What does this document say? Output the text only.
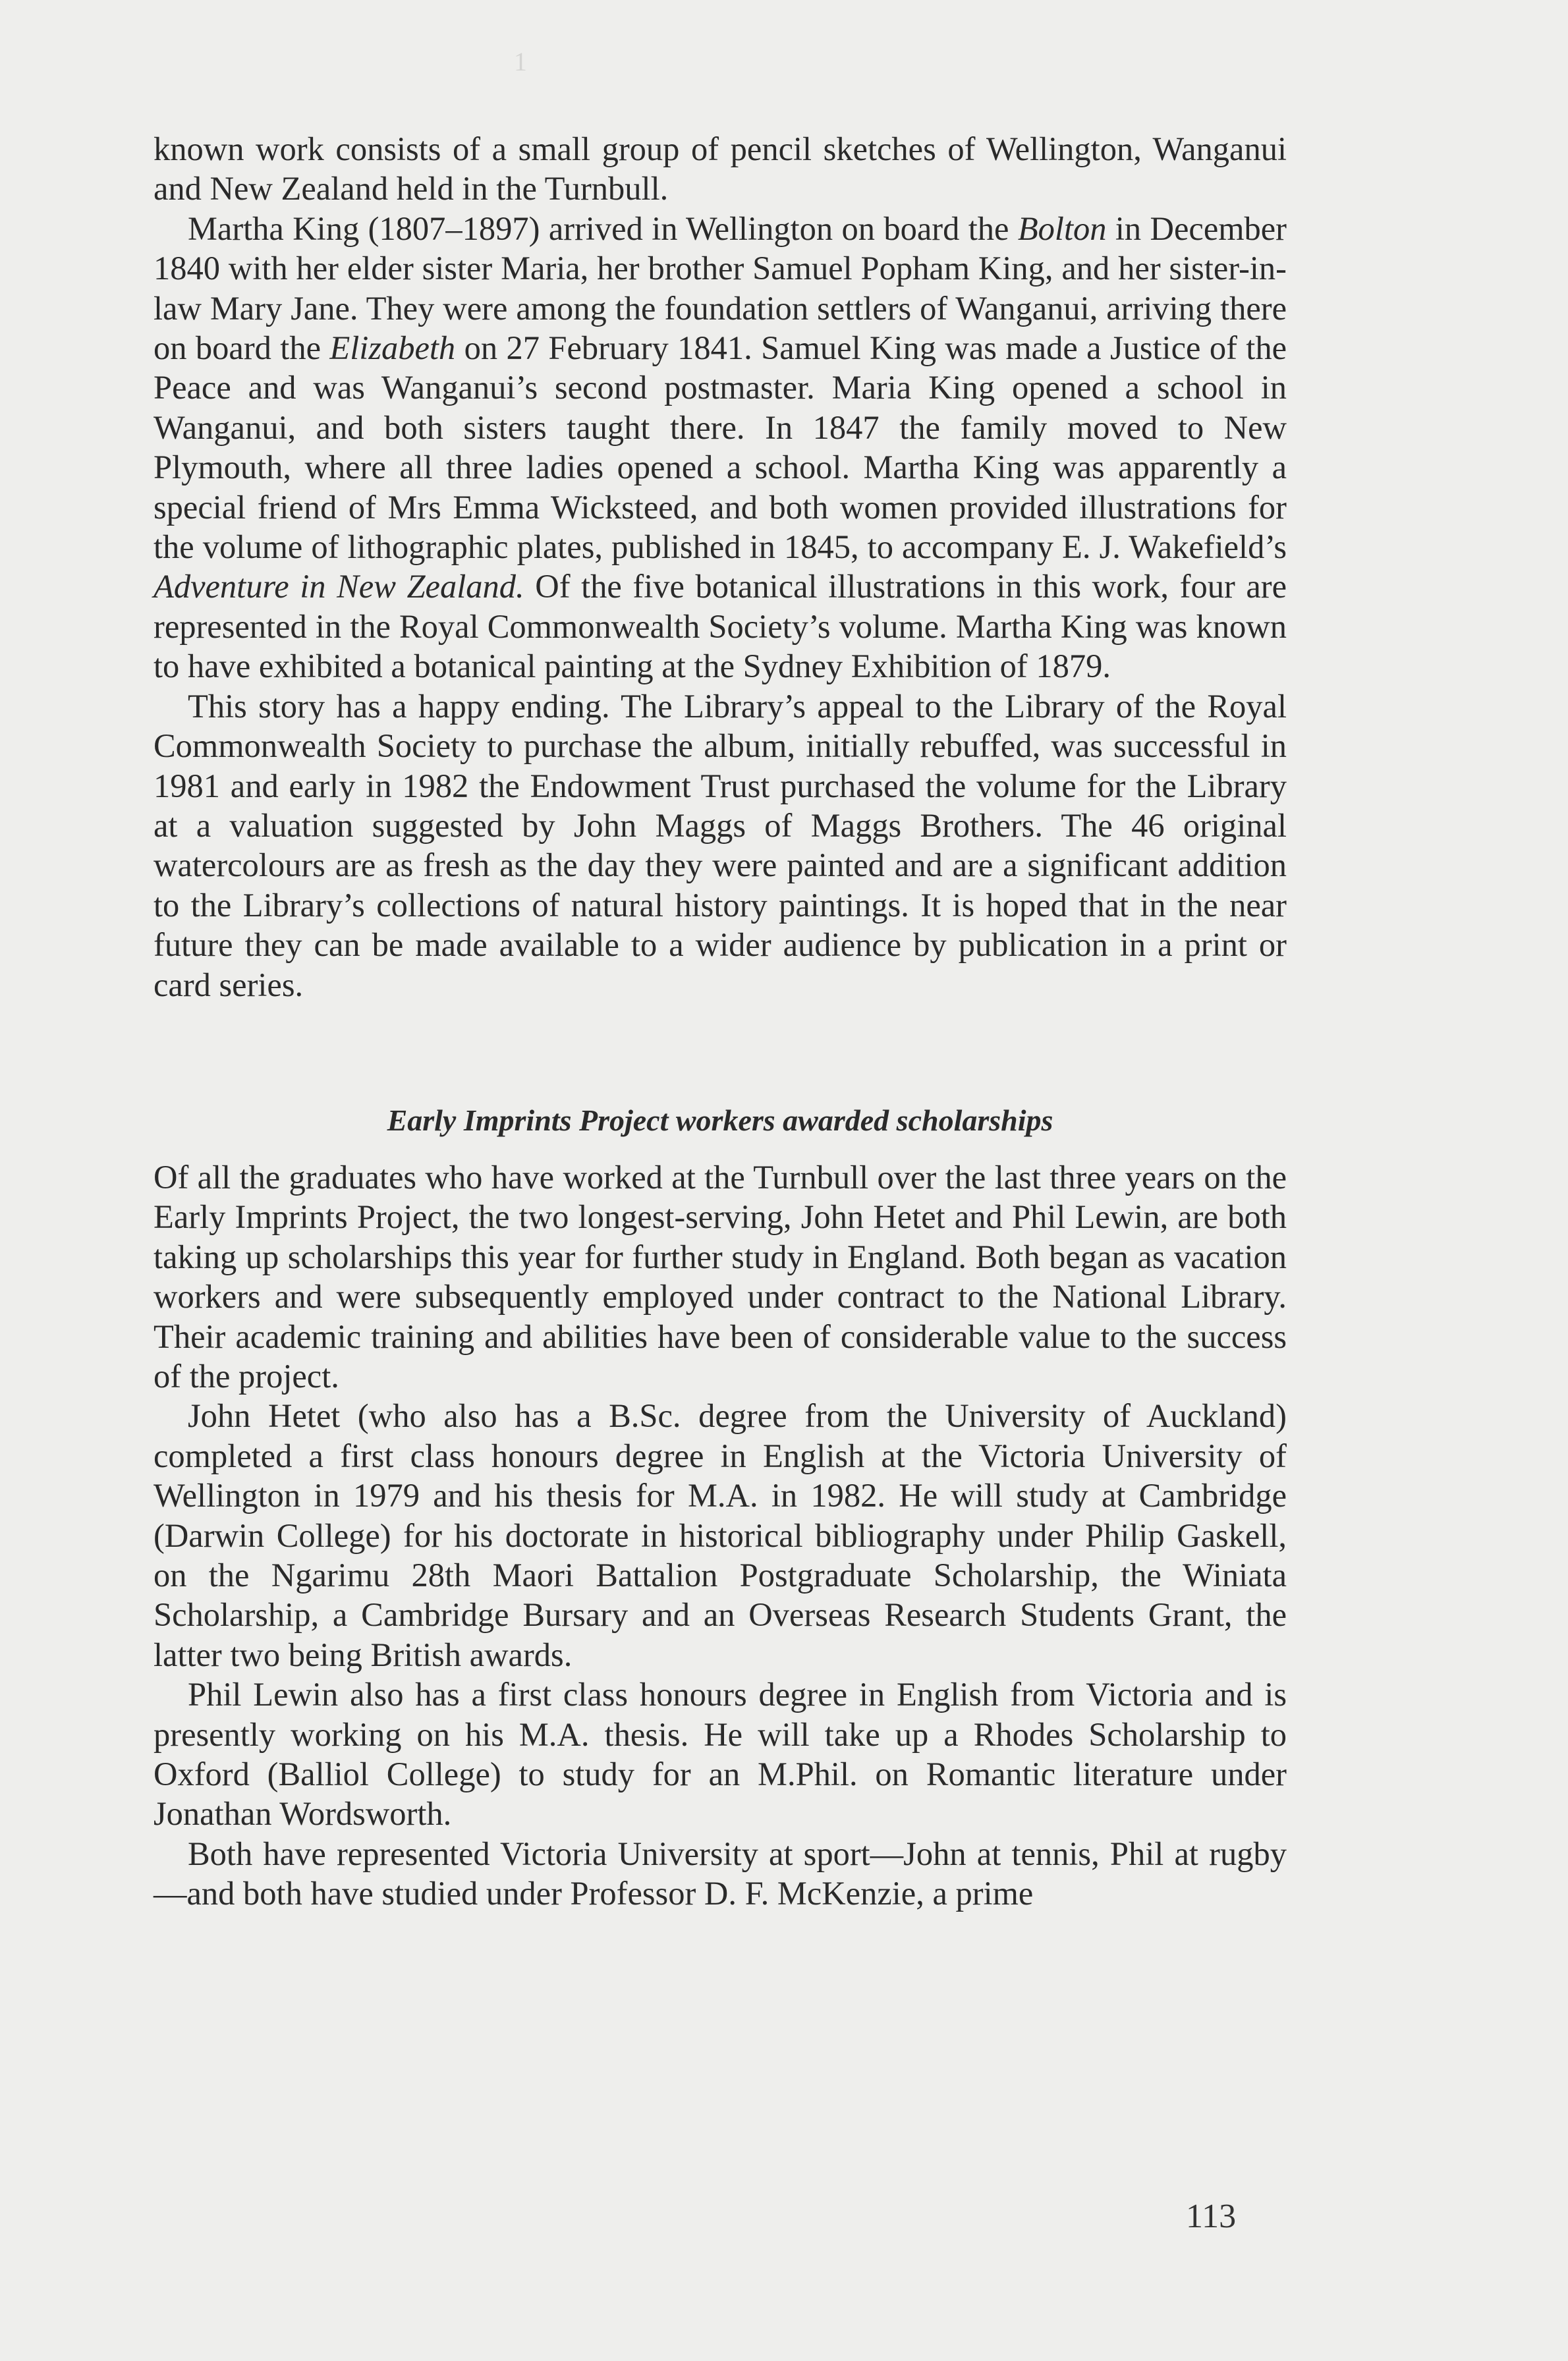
1

known work consists of a small group of pencil sketches of Wellington, Wanganui and New Zealand held in the Turnbull.

Martha King (1807–1897) arrived in Wellington on board the Bolton in December 1840 with her elder sister Maria, her brother Samuel Popham King, and her sister-in-law Mary Jane. They were among the foundation settlers of Wanganui, arriving there on board the Elizabeth on 27 February 1841. Samuel King was made a Justice of the Peace and was Wanganui’s second postmaster. Maria King opened a school in Wanganui, and both sisters taught there. In 1847 the family moved to New Plymouth, where all three ladies opened a school. Martha King was apparently a special friend of Mrs Emma Wicksteed, and both women provided illustrations for the volume of lithographic plates, published in 1845, to accompany E. J. Wakefield’s Adventure in New Zealand. Of the five botanical illustrations in this work, four are represented in the Royal Commonwealth Society’s volume. Martha King was known to have exhibited a botanical painting at the Sydney Exhibition of 1879.

This story has a happy ending. The Library’s appeal to the Library of the Royal Commonwealth Society to purchase the album, initially rebuffed, was successful in 1981 and early in 1982 the Endowment Trust purchased the volume for the Library at a valuation suggested by John Maggs of Maggs Brothers. The 46 original watercolours are as fresh as the day they were painted and are a significant addition to the Library’s collections of natural history paintings. It is hoped that in the near future they can be made available to a wider audience by publication in a print or card series.

Early Imprints Project workers awarded scholarships

Of all the graduates who have worked at the Turnbull over the last three years on the Early Imprints Project, the two longest-serving, John Hetet and Phil Lewin, are both taking up scholarships this year for further study in England. Both began as vacation workers and were subsequently employed under contract to the National Library. Their academic training and abilities have been of considerable value to the success of the project.

John Hetet (who also has a B.Sc. degree from the University of Auckland) completed a first class honours degree in English at the Victoria University of Wellington in 1979 and his thesis for M.A. in 1982. He will study at Cambridge (Darwin College) for his doctorate in historical bibliography under Philip Gaskell, on the Ngarimu 28th Maori Battalion Postgraduate Scholarship, the Winiata Scholarship, a Cambridge Bursary and an Overseas Research Students Grant, the latter two being British awards.

Phil Lewin also has a first class honours degree in English from Victoria and is presently working on his M.A. thesis. He will take up a Rhodes Scholarship to Oxford (Balliol College) to study for an M.Phil. on Romantic literature under Jonathan Wordsworth.

Both have represented Victoria University at sport—John at tennis, Phil at rugby—and both have studied under Professor D. F. McKenzie, a prime

113
